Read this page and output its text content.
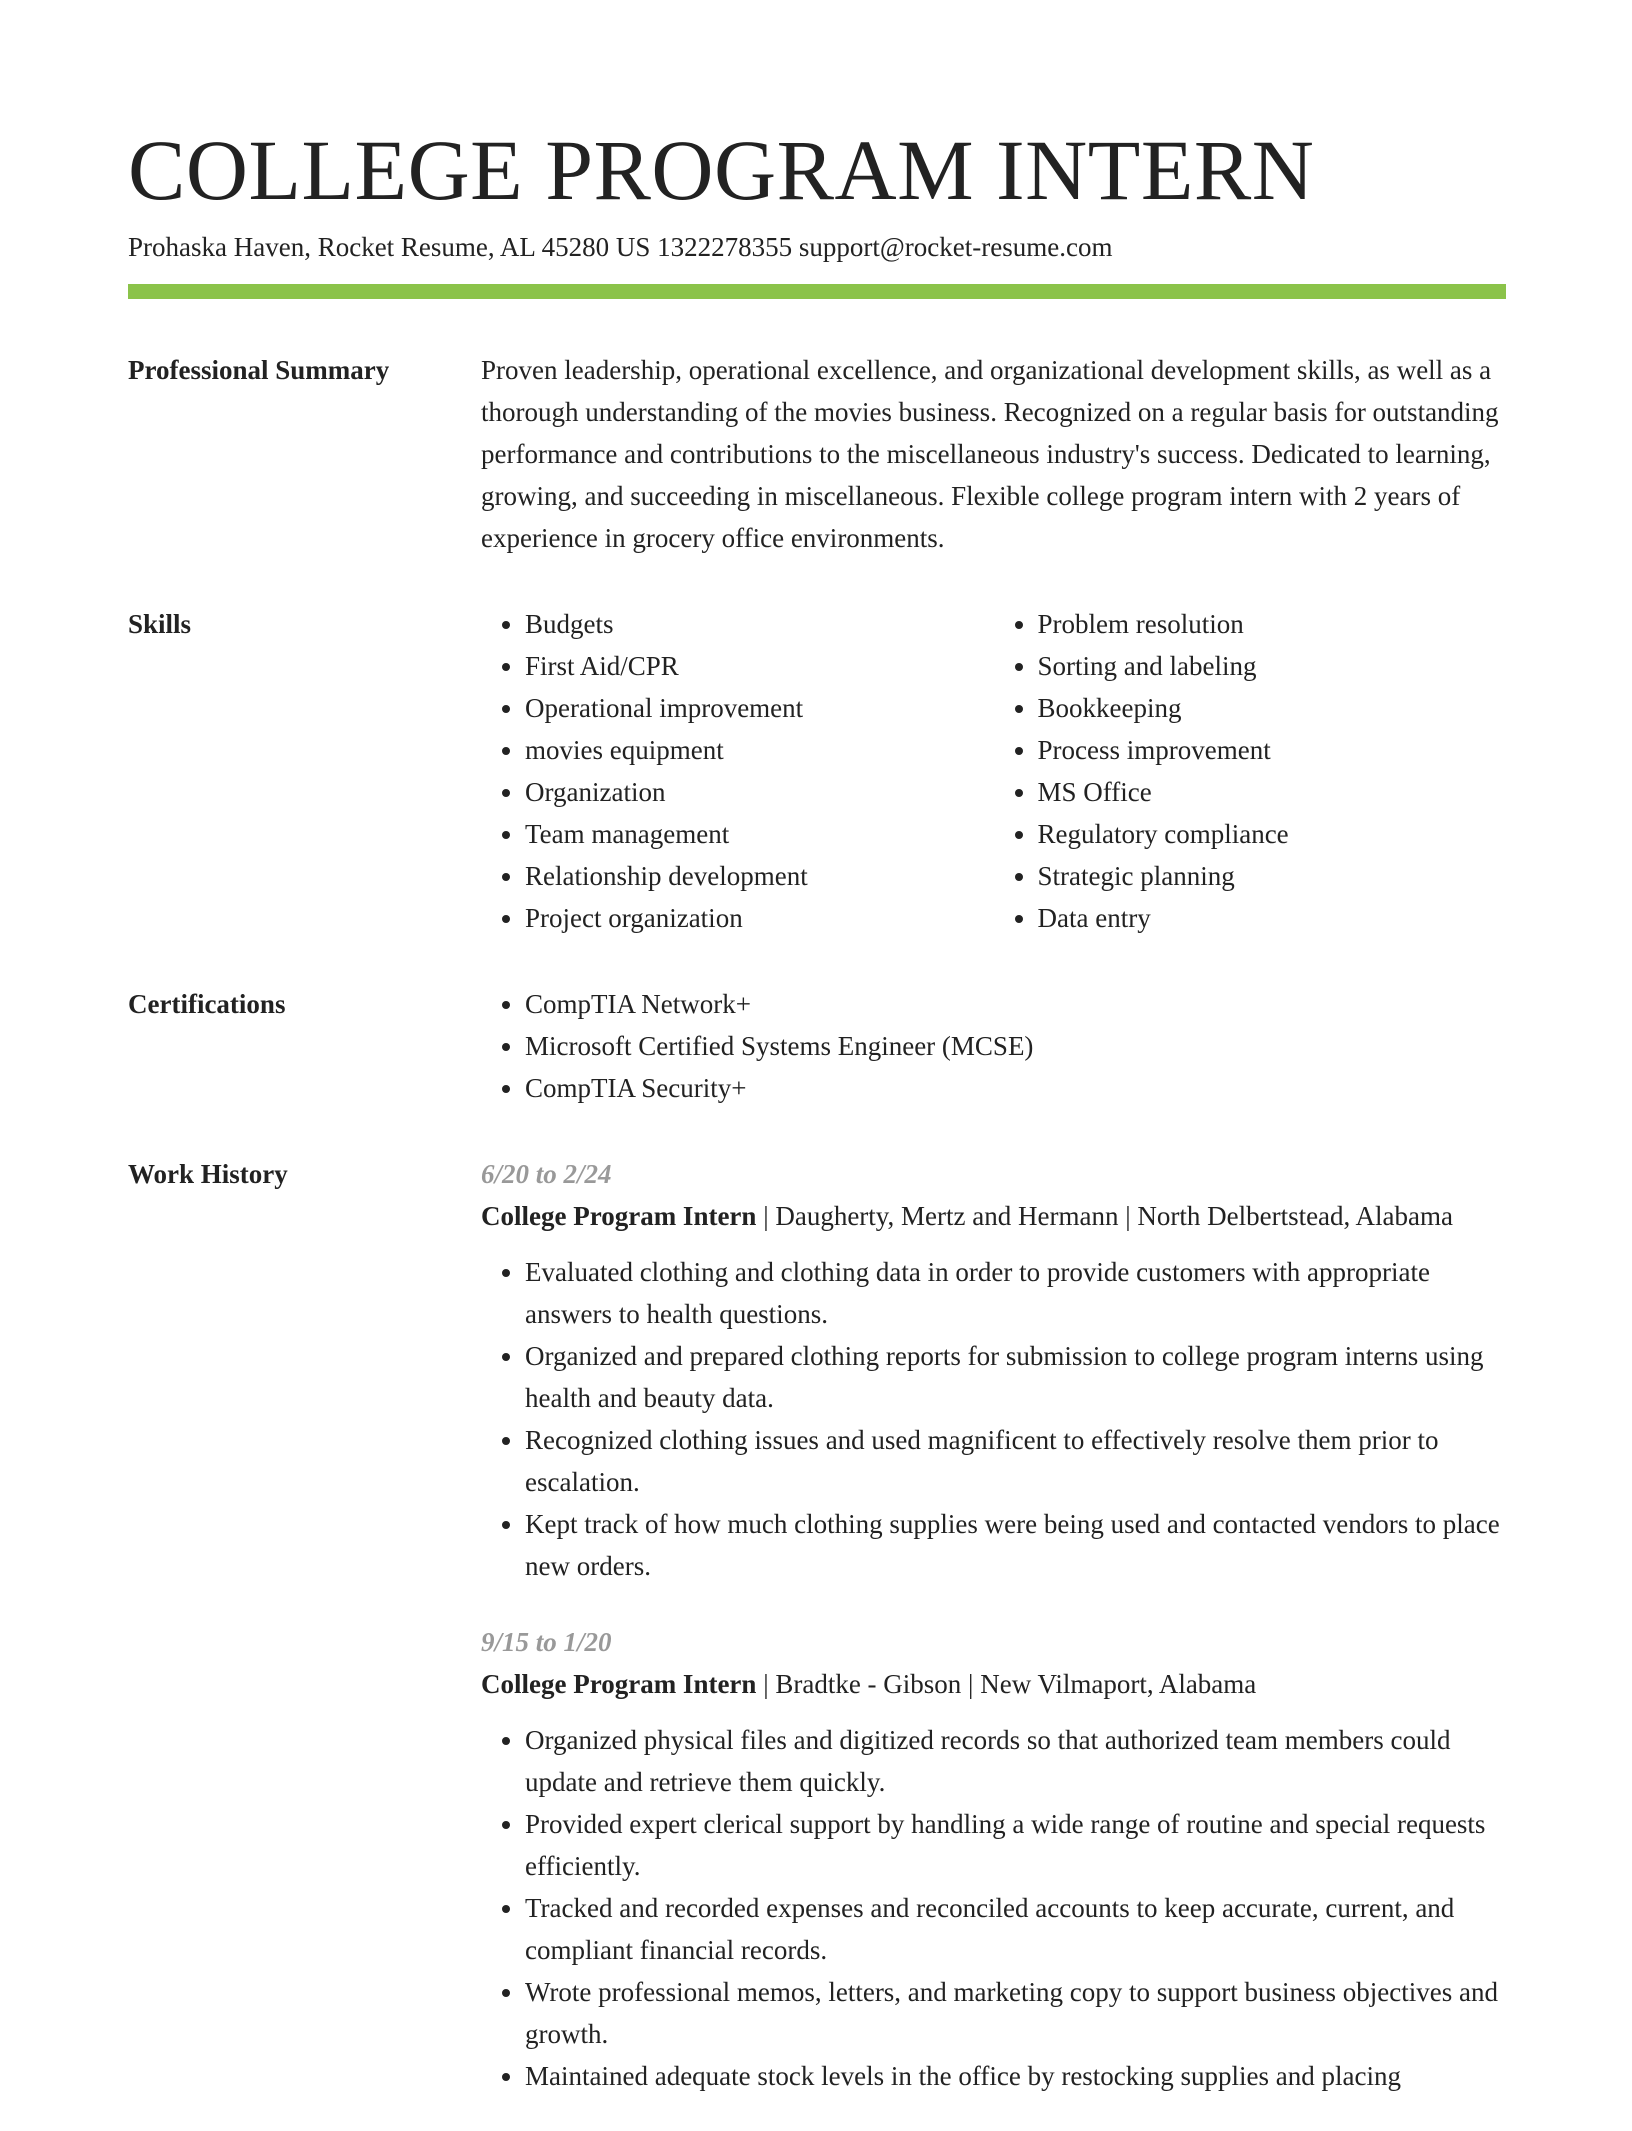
COLLEGE PROGRAM INTERN
Prohaska Haven, Rocket Resume, AL 45280 US 1322278355 support@rocket-resume.com
Professional Summary	Proven leadership, operational excellence, and organizational development skills, as well as a thorough understanding of the movies business. Recognized on a regular basis for outstanding performance and contributions to the miscellaneous industry's success. Dedicated to learning, growing, and succeeding in miscellaneous. Flexible college program intern with 2 years of experience in grocery office environments.

Skills	• Budgets
• First Aid/CPR
• Operational improvement
• movies equipment
• Organization
• Team management
• Relationship development
• Project organization
• Problem resolution
• Sorting and labeling
• Bookkeeping
• Process improvement
• MS Office
• Regulatory compliance
• Strategic planning
• Data entry
Certifications	• CompTIA Network+
• Microsoft Certified Systems Engineer (MCSE)
• CompTIA Security+
Work History	6/20 to 2/24
College Program Intern | Daugherty, Mertz and Hermann | North Delbertstead, Alabama
• Evaluated clothing and clothing data in order to provide customers with appropriate answers to health questions.
• Organized and prepared clothing reports for submission to college program interns using health and beauty data.
• Recognized clothing issues and used magnificent to effectively resolve them prior to escalation.
• Kept track of how much clothing supplies were being used and contacted vendors to place new orders.
9/15 to 1/20
College Program Intern | Bradtke - Gibson | New Vilmaport, Alabama
• Organized physical files and digitized records so that authorized team members could update and retrieve them quickly.
• Provided expert clerical support by handling a wide range of routine and special requests efficiently.
• Tracked and recorded expenses and reconciled accounts to keep accurate, current, and compliant financial records.
• Wrote professional memos, letters, and marketing copy to support business objectives and growth.
• Maintained adequate stock levels in the office by restocking supplies and placing
